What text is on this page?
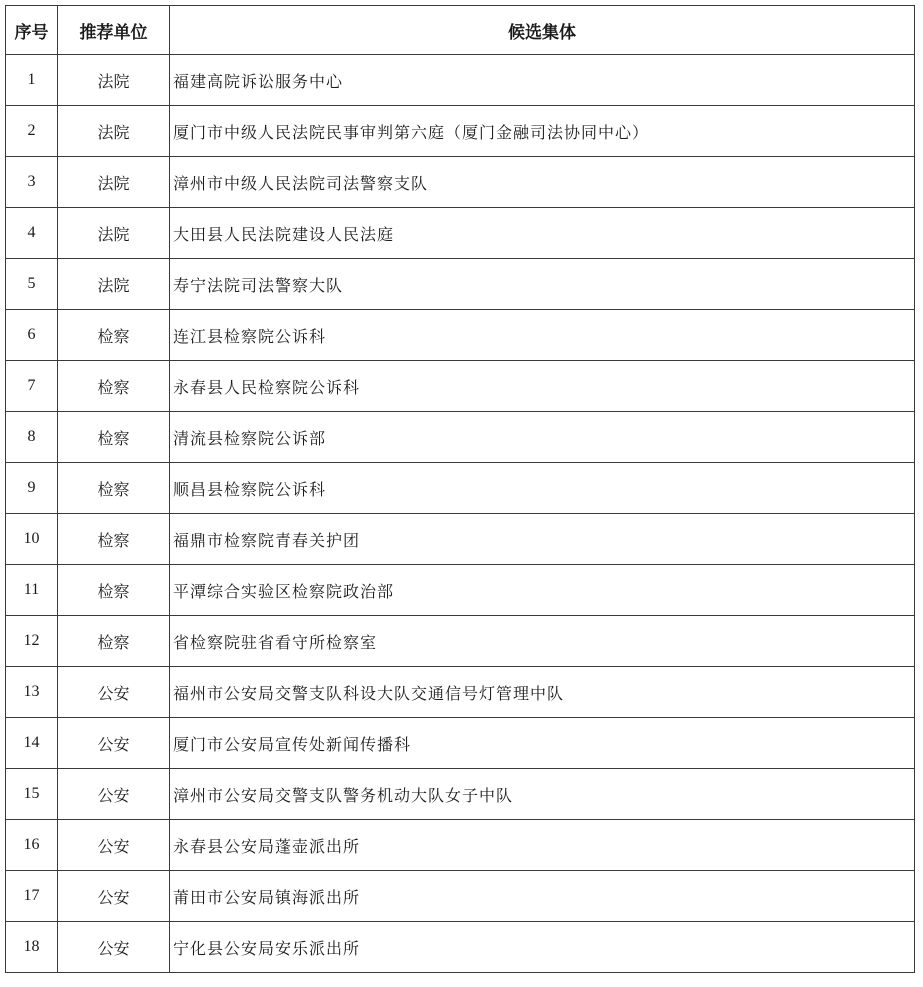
序号	推荐单位	候选集体
1	法院	福建高院诉讼服务中心
2	法院	厦门市中级人民法院民事审判第六庭（厦门金融司法协同中心）
3	法院	漳州市中级人民法院司法警察支队
4	法院	大田县人民法院建设人民法庭
5	法院	寿宁法院司法警察大队
6	检察	连江县检察院公诉科
7	检察	永春县人民检察院公诉科
8	检察	清流县检察院公诉部
9	检察	顺昌县检察院公诉科
10	检察	福鼎市检察院青春关护团
11	检察	平潭综合实验区检察院政治部
12	检察	省检察院驻省看守所检察室
13	公安	福州市公安局交警支队科设大队交通信号灯管理中队
14	公安	厦门市公安局宣传处新闻传播科
15	公安	漳州市公安局交警支队警务机动大队女子中队
16	公安	永春县公安局蓬壶派出所
17	公安	莆田市公安局镇海派出所
18	公安	宁化县公安局安乐派出所
